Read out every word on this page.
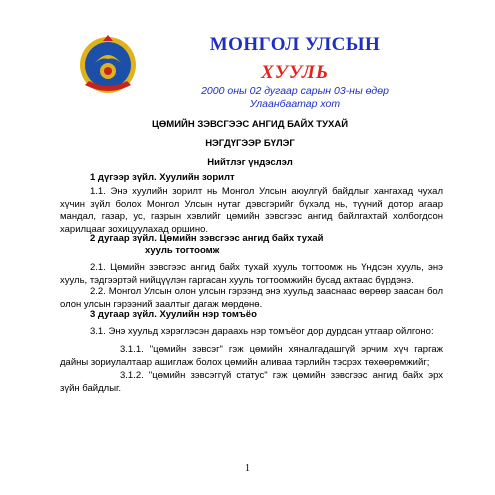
МОНГОЛ УЛСЫН
ХУУЛЬ
2000 оны 02 дугаар сарын 03-ны өдөр
Улаанбаатар хот
ЦӨМИЙН ЗЭВСГЭЭС АНГИД БАЙХ ТУХАЙ
НЭГДҮГЭЭР БҮЛЭГ
Нийтлэг үндэслэл
1 дүгээр зүйл. Хуулийн зорилт
1.1. Энэ хуулийн зорилт нь Монгол Улсын аюулгүй байдлыг хангахад чухал хүчин зүйл болох Монгол Улсын нутаг дэвсгэрийг бүхэлд нь, түүний дотор агаар мандал, газар, ус, газрын хэвлийг цөмийн зэвсгээс ангид байлгахтай холбогдсон харилцааг зохицуулахад оршино.
2 дугаар зүйл. Цөмийн зэвсгээс ангид байх тухай
хууль тогтоомж
2.1. Цөмийн зэвсгээс ангид байх тухай хууль тогтоомж нь Үндсэн хууль, энэ хууль, тэдгээртэй нийцүүлэн гаргасан хууль тогтоомжийн бусад актаас бүрдэнэ.
2.2. Монгол Улсын олон улсын гэрээнд энэ хуульд зааснаас өөрөөр заасан бол олон улсын гэрээний заалтыг дагаж мөрдөнө.
3 дугаар зүйл. Хуулийн нэр томъёо
3.1. Энэ хуульд хэрэглэсэн дараахь нэр томъёог дор дурдсан утгаар ойлгоно:
3.1.1. "цөмийн зэвсэг" гэж цөмийн хяналгадашгүй эрчим хүч гаргаж дайны зориулалтаар ашиглаж болох цөмийн аливаа тэрлийн тэсрэх төхөөрөмжийг;
3.1.2. "цөмийн зэвсэггүй статус" гэж цөмийн зэвсгээс ангид байх эрх зүйн байдлыг.
1
